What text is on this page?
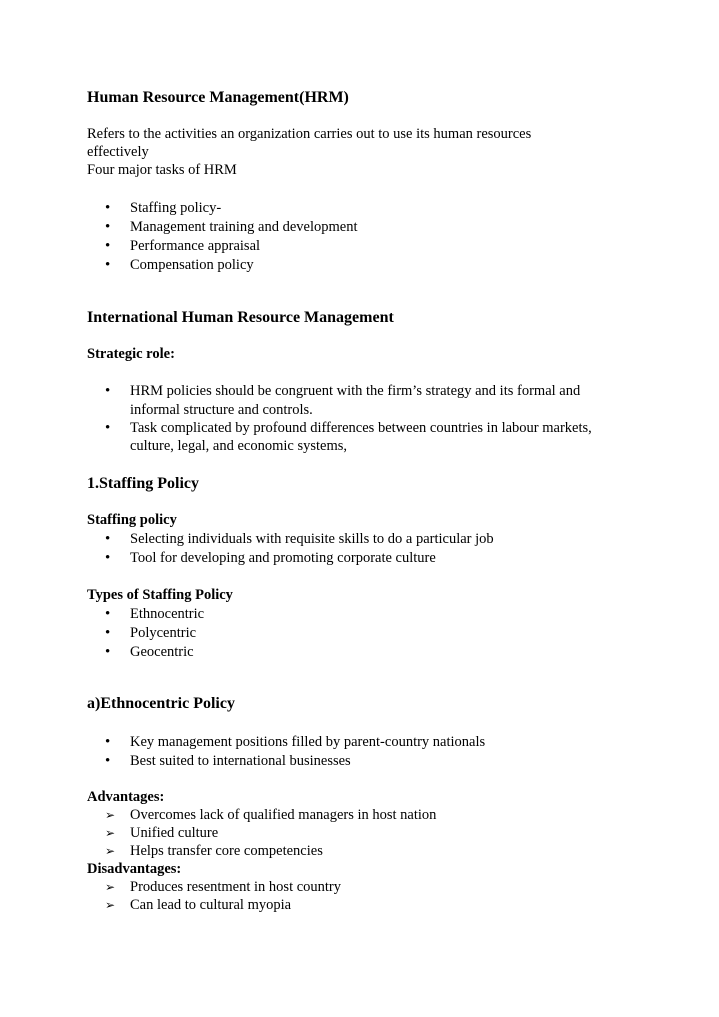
Human Resource Management(HRM)
Refers to the activities an organization carries out to use its human resources
effectively
Four major tasks of HRM
•
Staffing policy-
•
Management training and development
•
Performance appraisal
•
Compensation policy
International Human Resource Management
Strategic role:
•
HRM policies should be congruent with the firm’s strategy and its formal and
informal structure and controls.
•
Task complicated by profound differences between countries in labour markets,
culture, legal, and economic systems,
1.Staffing Policy
Staffing policy
•
Selecting individuals with requisite skills to do a particular job
•
Tool for developing and promoting corporate culture
Types of Staffing Policy
•
Ethnocentric
•
Polycentric
•
Geocentric
a)Ethnocentric Policy
•
Key management positions filled by parent-country nationals
•
Best suited to international businesses
Advantages:
➢
Overcomes lack of qualified managers in host nation
➢
Unified culture
➢
Helps transfer core competencies
Disadvantages:
➢
Produces resentment in host country
➢
Can lead to cultural myopia
